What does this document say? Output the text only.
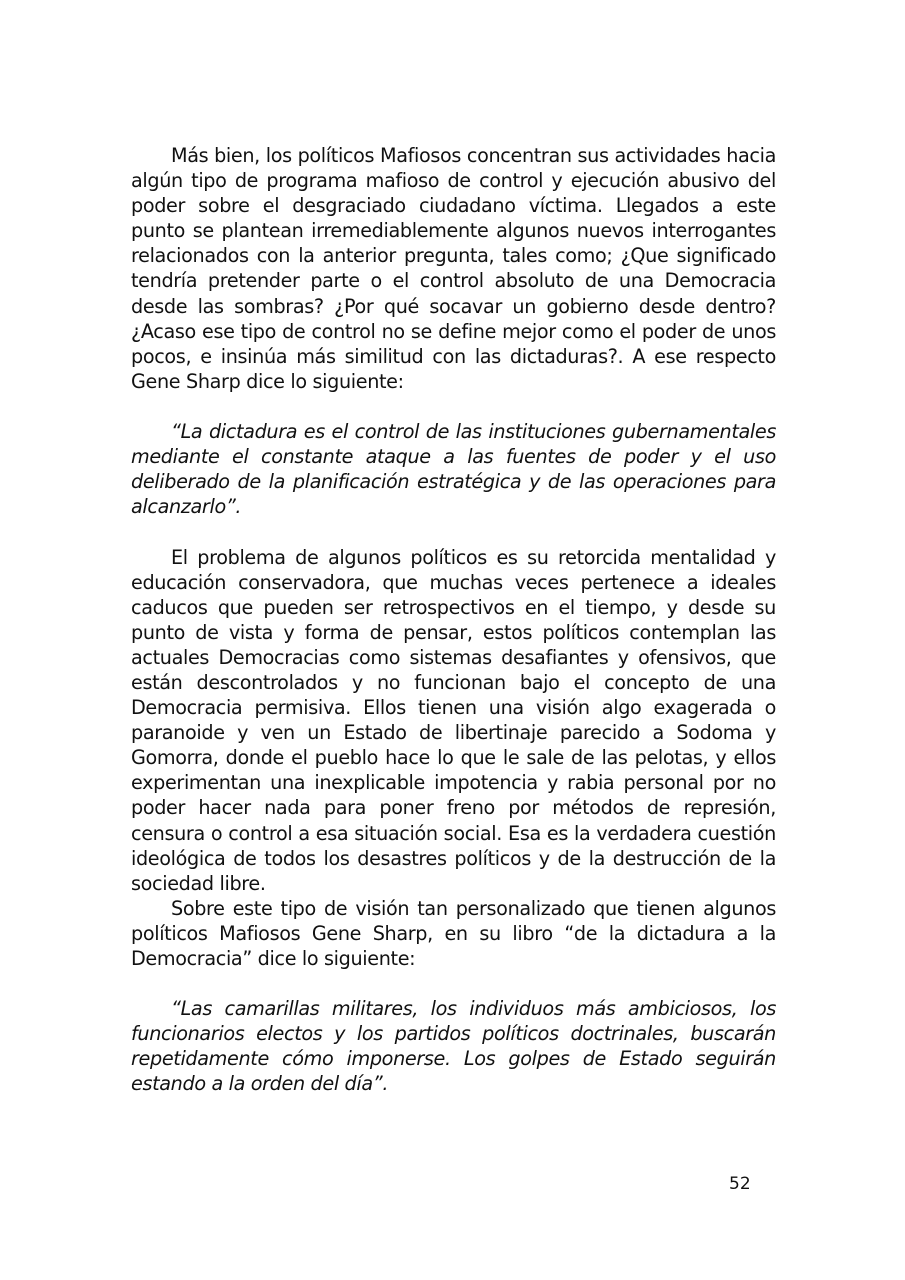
Más bien, los políticos Mafiosos concentran sus actividades hacia algún tipo de programa mafioso de control y ejecución abusivo del poder sobre el desgraciado ciudadano víctima. Llegados a este punto se plantean irremediablemente algunos nuevos interrogantes relacionados con la anterior pregunta, tales como; ¿Que significado tendría pretender parte o el control absoluto de una Democracia desde las sombras? ¿Por qué socavar un gobierno desde dentro? ¿Acaso ese tipo de control no se define mejor como el poder de unos pocos, e insinúa más similitud con las dictaduras?. A ese respecto Gene Sharp dice lo siguiente:

“La dictadura es el control de las instituciones gubernamentales mediante el constante ataque a las fuentes de poder y el uso deliberado de la planificación estratégica y de las operaciones para alcanzarlo”.

El problema de algunos políticos es su retorcida mentalidad y educación conservadora, que muchas veces pertenece a ideales caducos que pueden ser retrospectivos en el tiempo, y desde su punto de vista y forma de pensar, estos políticos contemplan las actuales Democracias como sistemas desafiantes y ofensivos, que están descontrolados y no funcionan bajo el concepto de una Democracia permisiva. Ellos tienen una visión algo exagerada o paranoide y ven un Estado de libertinaje parecido a Sodoma y Gomorra, donde el pueblo hace lo que le sale de las pelotas, y ellos experimentan una inexplicable impotencia y rabia personal por no poder hacer nada para poner freno por métodos de represión, censura o control a esa situación social. Esa es la verdadera cuestión ideológica de todos los desastres políticos y de la destrucción de la sociedad libre.

Sobre este tipo de visión tan personalizado que tienen algunos políticos Mafiosos Gene Sharp, en su libro “de la dictadura a la Democracia” dice lo siguiente:

“Las camarillas militares, los individuos más ambiciosos, los funcionarios electos y los partidos políticos doctrinales, buscarán repetidamente cómo imponerse. Los golpes de Estado seguirán estando a la orden del día”.

52
